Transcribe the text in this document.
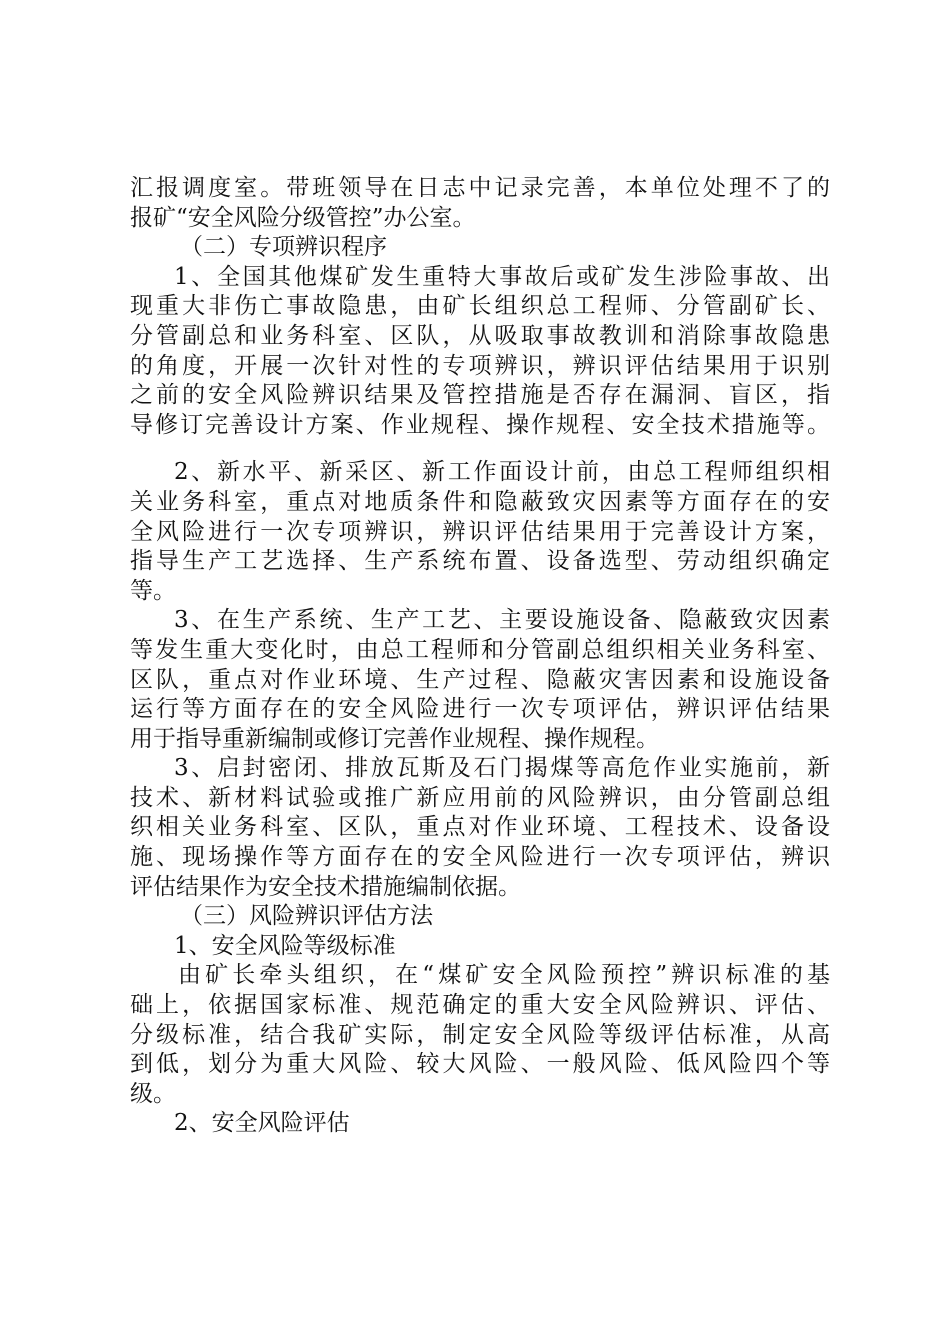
汇报调度室。带班领导在日志中记录完善，本单位处理不了的
报矿“安全风险分级管控”办公室。
（二）专项辨识程序
1、全国其他煤矿发生重特大事故后或矿发生涉险事故、出
现重大非伤亡事故隐患，由矿长组织总工程师、分管副矿长、
分管副总和业务科室、区队，从吸取事故教训和消除事故隐患
的角度，开展一次针对性的专项辨识，辨识评估结果用于识别
之前的安全风险辨识结果及管控措施是否存在漏洞、盲区，指
导修订完善设计方案、作业规程、操作规程、安全技术措施等。
2、新水平、新采区、新工作面设计前，由总工程师组织相
关业务科室，重点对地质条件和隐蔽致灾因素等方面存在的安
全风险进行一次专项辨识，辨识评估结果用于完善设计方案，
指导生产工艺选择、生产系统布置、设备选型、劳动组织确定
等。
3、在生产系统、生产工艺、主要设施设备、隐蔽致灾因素
等发生重大变化时，由总工程师和分管副总组织相关业务科室、
区队，重点对作业环境、生产过程、隐蔽灾害因素和设施设备
运行等方面存在的安全风险进行一次专项评估，辨识评估结果
用于指导重新编制或修订完善作业规程、操作规程。
3、启封密闭、排放瓦斯及石门揭煤等高危作业实施前，新
技术、新材料试验或推广新应用前的风险辨识，由分管副总组
织相关业务科室、区队，重点对作业环境、工程技术、设备设
施、现场操作等方面存在的安全风险进行一次专项评估，辨识
评估结果作为安全技术措施编制依据。
（三）风险辨识评估方法
1、安全风险等级标准
由矿长牵头组织，在“煤矿安全风险预控”辨识标准的基
础上，依据国家标准、规范确定的重大安全风险辨识、评估、
分级标准，结合我矿实际，制定安全风险等级评估标准，从高
到低，划分为重大风险、较大风险、一般风险、低风险四个等
级。
2、安全风险评估
